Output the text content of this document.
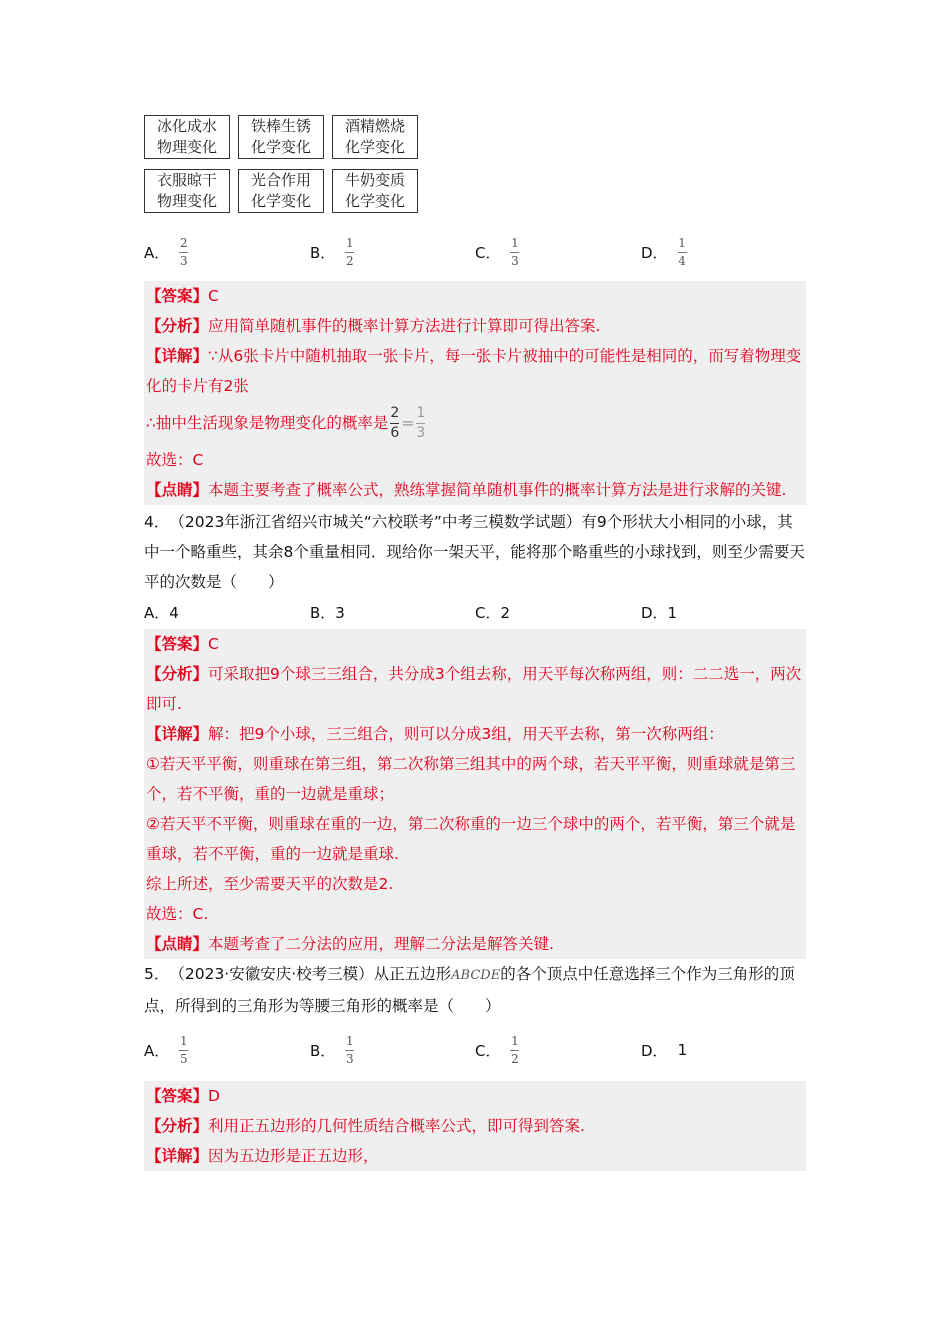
冰化成水
物理变化
铁棒生锈
化学变化
酒精燃烧
化学变化
衣服晾干
物理变化
光合作用
化学变化
牛奶变质
化学变化
A． $\frac{2}{3}$	B． $\frac{1}{2}$	C． $\frac{1}{3}$	D． $\frac{1}{4}$
【答案】C
【分析】应用简单随机事件的概率计算方法进行计算即可得出答案.
【详解】∵从6张卡片中随机抽取一张卡片，每一张卡片被抽中的可能性是相同的，而写着物理变化的卡片有2张
∴抽中生活现象是物理变化的概率是 $\frac{2}{6} = \frac{1}{3}$
故选：C
【点睛】本题主要考查了概率公式，熟练掌握简单随机事件的概率计算方法是进行求解的关键.
4．　（2023年浙江省绍兴市城关“六校联考”中考三模数学试题）有9个形状大小相同的小球，其中一个略重些，其余8个重量相同．现给你一架天平，能将那个略重些的小球找到，则至少需要天平的次数是（　　）
A．4	B．3	C．2	D．1
【答案】C
【分析】可采取把9个球三三组合，共分成3个组去称，用天平每次称两组，则：二二选一，两次即可.
【详解】解：把9个小球，三三组合，则可以分成3组，用天平去称，第一次称两组：
①若天平平衡，则重球在第三组，第二次称第三组其中的两个球，若天平平衡，则重球就是第三个，若不平衡，重的一边就是重球；
②若天平不平衡，则重球在重的一边，第二次称重的一边三个球中的两个，若平衡，第三个就是重球，若不平衡，重的一边就是重球.
综上所述，至少需要天平的次数是2.
故选：C.
【点睛】本题考查了二分法的应用，理解二分法是解答关键.
5．　（2023·安徽安庆·校考三模）从正五边形ABCDE的各个顶点中任意选择三个作为三角形的顶点，所得到的三角形为等腰三角形的概率是（　　）
A． $\frac{1}{5}$	B． $\frac{1}{3}$	C． $\frac{1}{2}$	D． 1
【答案】D
【分析】利用正五边形的几何性质结合概率公式，即可得到答案.
【详解】因为五边形是正五边形，
